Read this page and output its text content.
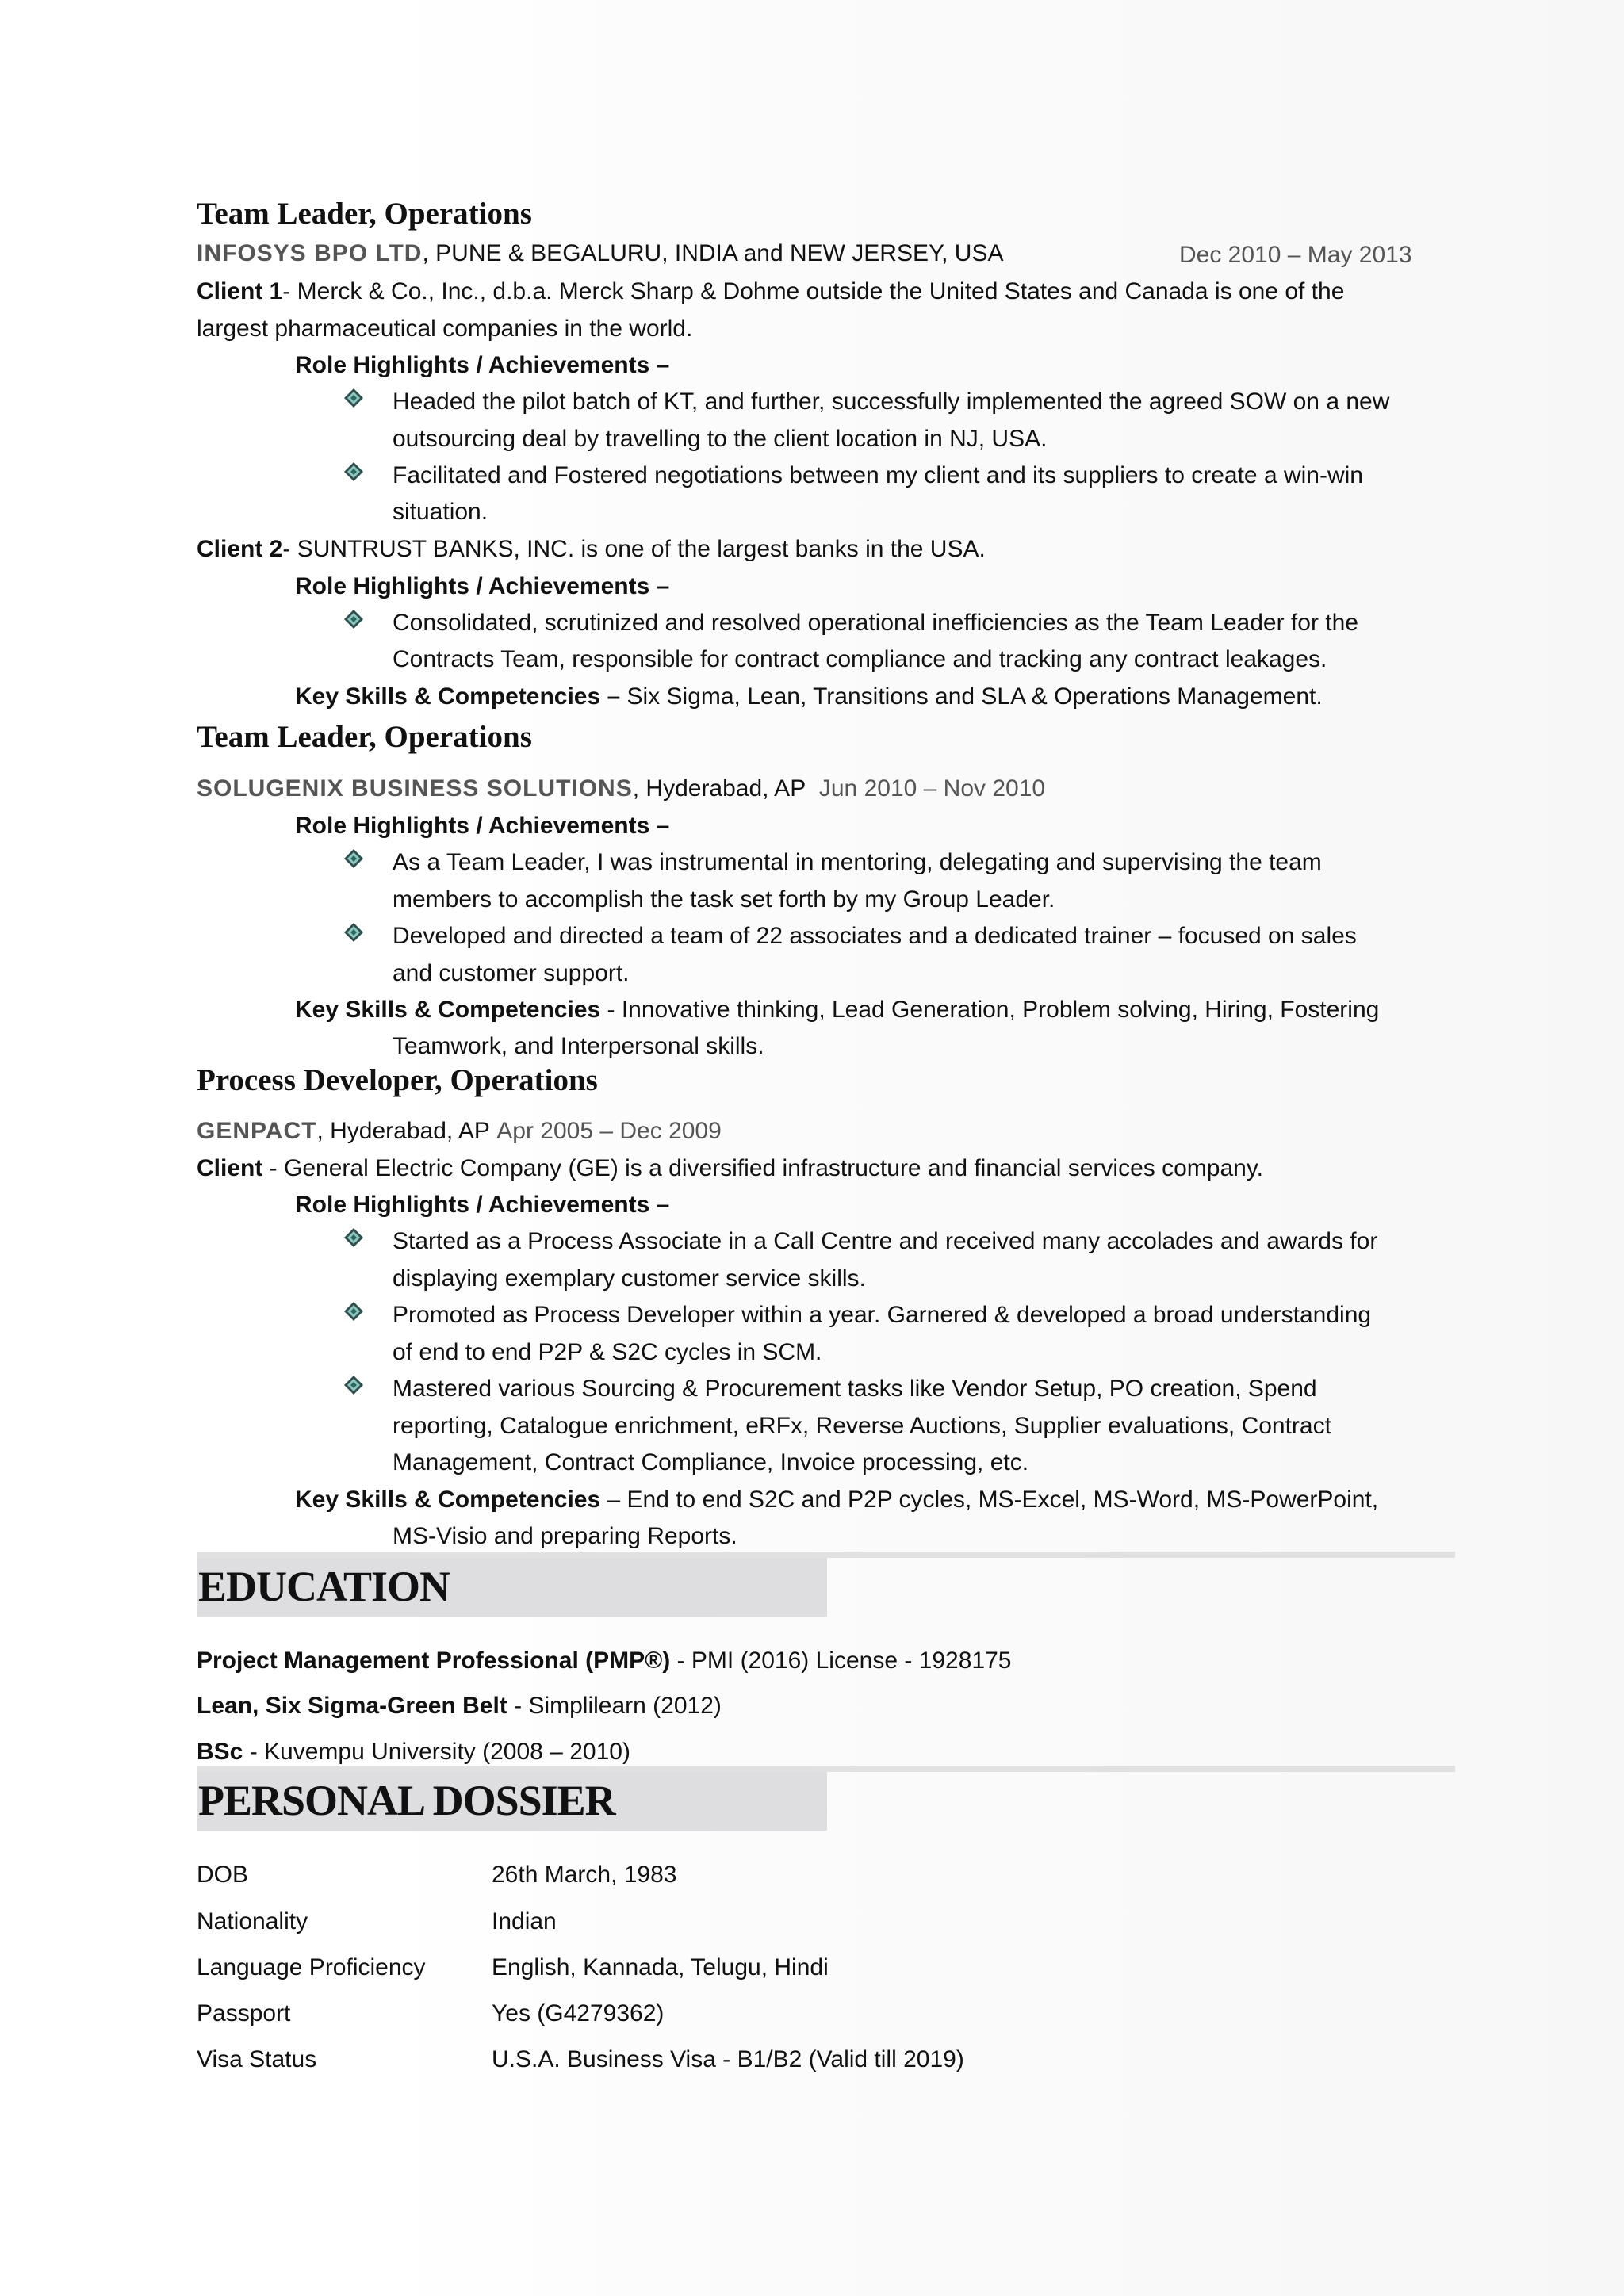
Team Leader, Operations
INFOSYS BPO LTD, PUNE & BEGALURU, INDIA and NEW JERSEY, USA	Dec 2010 – May 2013
Client 1- Merck & Co., Inc., d.b.a. Merck Sharp & Dohme outside the United States and Canada is one of the
largest pharmaceutical companies in the world.
Role Highlights / Achievements –
Headed the pilot batch of KT, and further, successfully implemented the agreed SOW on a new
outsourcing deal by travelling to the client location in NJ, USA.
Facilitated and Fostered negotiations between my client and its suppliers to create a win-win
situation.
Client 2- SUNTRUST BANKS, INC. is one of the largest banks in the USA.
Role Highlights / Achievements –
Consolidated, scrutinized and resolved operational inefficiencies as the Team Leader for the
Contracts Team, responsible for contract compliance and tracking any contract leakages.
Key Skills & Competencies – Six Sigma, Lean, Transitions and SLA & Operations Management.
Team Leader, Operations
SOLUGENIX BUSINESS SOLUTIONS, Hyderabad, AP Jun 2010 – Nov 2010
Role Highlights / Achievements –
As a Team Leader, I was instrumental in mentoring, delegating and supervising the team
members to accomplish the task set forth by my Group Leader.
Developed and directed a team of 22 associates and a dedicated trainer – focused on sales
and customer support.
Key Skills & Competencies - Innovative thinking, Lead Generation, Problem solving, Hiring, Fostering
Teamwork, and Interpersonal skills.
Process Developer, Operations
GENPACT, Hyderabad, AP Apr 2005 – Dec 2009
Client - General Electric Company (GE) is a diversified infrastructure and financial services company.
Role Highlights / Achievements –
Started as a Process Associate in a Call Centre and received many accolades and awards for
displaying exemplary customer service skills.
Promoted as Process Developer within a year. Garnered & developed a broad understanding
of end to end P2P & S2C cycles in SCM.
Mastered various Sourcing & Procurement tasks like Vendor Setup, PO creation, Spend
reporting, Catalogue enrichment, eRFx, Reverse Auctions, Supplier evaluations, Contract
Management, Contract Compliance, Invoice processing, etc.
Key Skills & Competencies – End to end S2C and P2P cycles, MS-Excel, MS-Word, MS-PowerPoint,
MS-Visio and preparing Reports.
EDUCATION
Project Management Professional (PMP®) - PMI (2016) License - 1928175
Lean, Six Sigma-Green Belt - Simplilearn (2012)
BSc - Kuvempu University (2008 – 2010)
PERSONAL DOSSIER
DOB	26th March, 1983
Nationality	Indian
Language Proficiency	English, Kannada, Telugu, Hindi
Passport	Yes (G4279362)
Visa Status	U.S.A. Business Visa - B1/B2 (Valid till 2019)
